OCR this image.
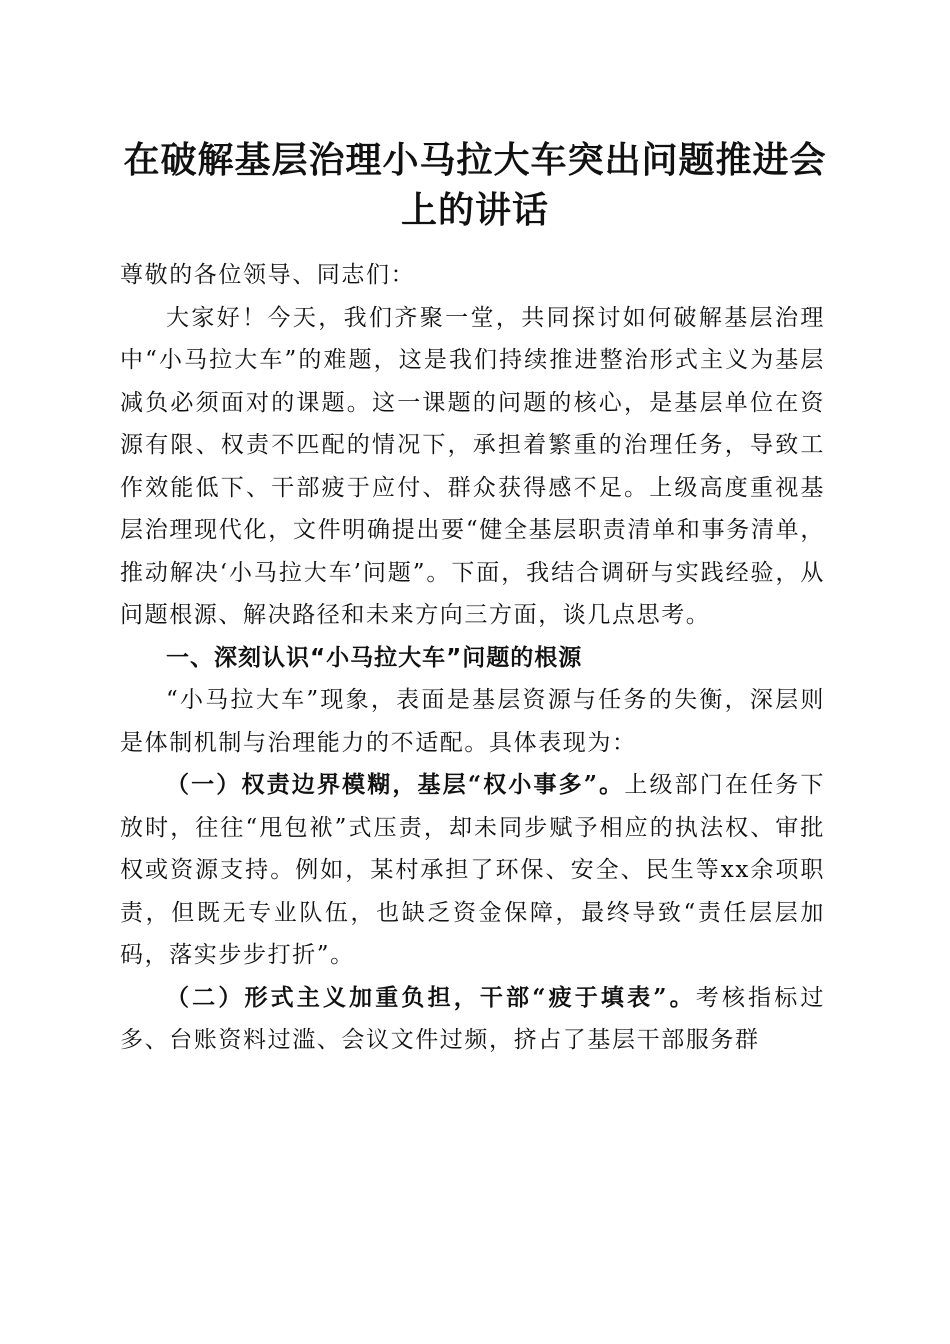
在破解基层治理小马拉大车突出问题推进会上的讲话

尊敬的各位领导、同志们：

大家好！今天，我们齐聚一堂，共同探讨如何破解基层治理中“小马拉大车”的难题，这是我们持续推进整治形式主义为基层减负必须面对的课题。这一课题的问题的核心，是基层单位在资源有限、权责不匹配的情况下，承担着繁重的治理任务，导致工作效能低下、干部疲于应付、群众获得感不足。上级高度重视基层治理现代化，文件明确提出要“健全基层职责清单和事务清单，推动解决‘小马拉大车’问题”。下面，我结合调研与实践经验，从问题根源、解决路径和未来方向三方面，谈几点思考。

一、深刻认识“小马拉大车”问题的根源

“小马拉大车”现象，表面是基层资源与任务的失衡，深层则是体制机制与治理能力的不适配。具体表现为：

（一）权责边界模糊，基层“权小事多”。上级部门在任务下放时，往往“甩包袱”式压责，却未同步赋予相应的执法权、审批权或资源支持。例如，某村承担了环保、安全、民生等xx余项职责，但既无专业队伍，也缺乏资金保障，最终导致“责任层层加码，落实步步打折”。

（二）形式主义加重负担，干部“疲于填表”。考核指标过多、台账资料过滥、会议文件过频，挤占了基层干部服务群
